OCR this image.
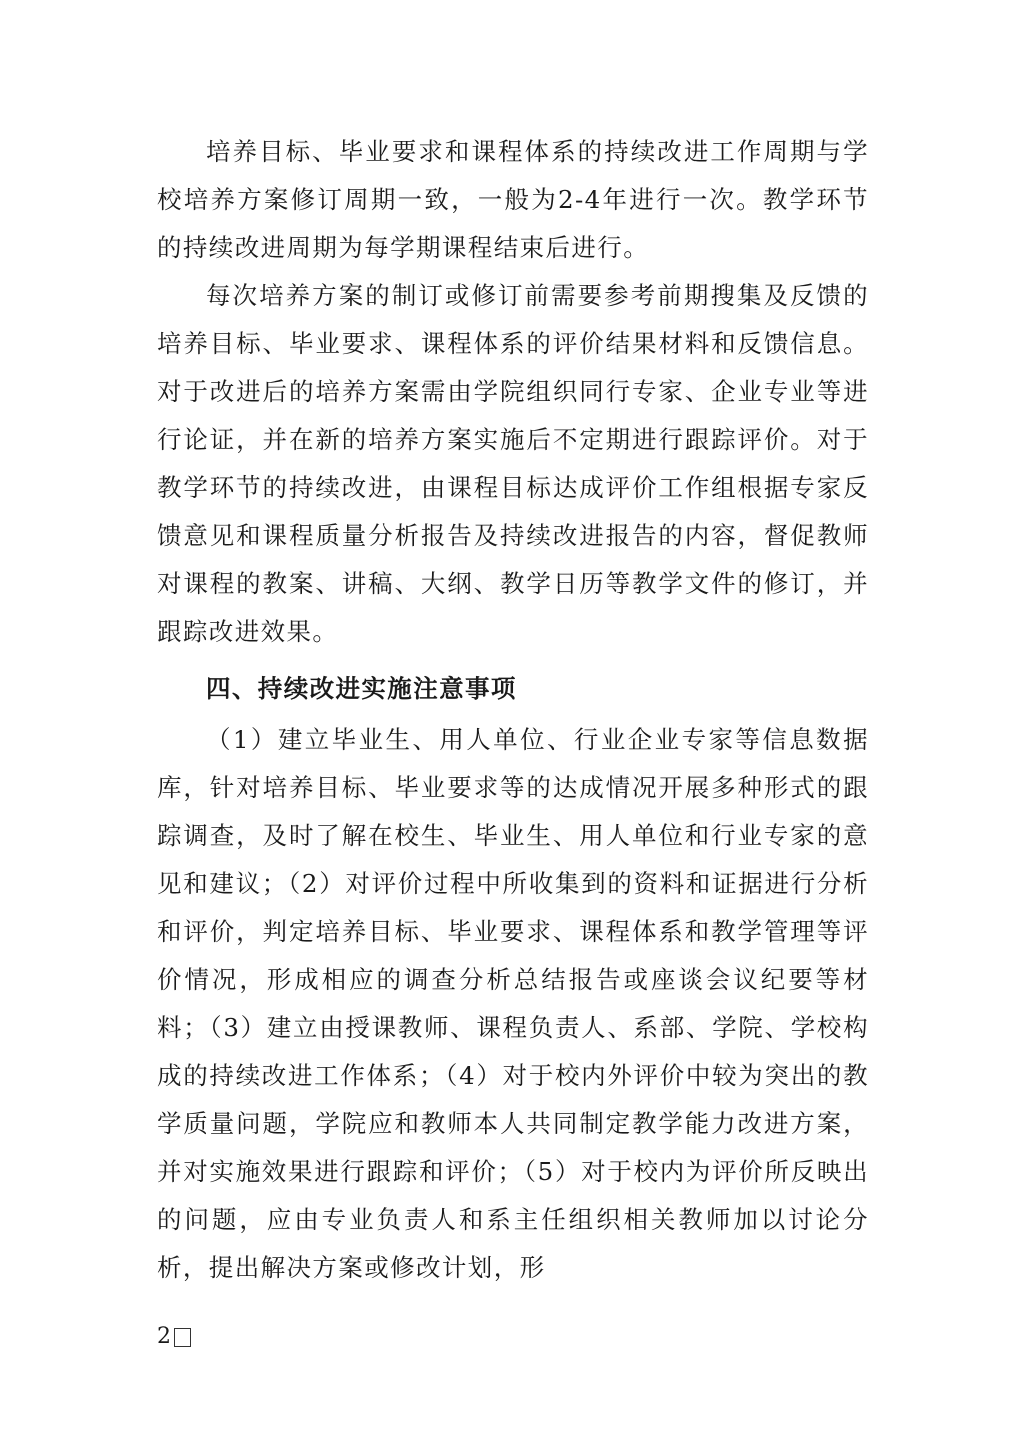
培养目标、毕业要求和课程体系的持续改进工作周期与学校培养方案修订周期一致，一般为2-4年进行一次。教学环节的持续改进周期为每学期课程结束后进行。

每次培养方案的制订或修订前需要参考前期搜集及反馈的培养目标、毕业要求、课程体系的评价结果材料和反馈信息。对于改进后的培养方案需由学院组织同行专家、企业专业等进行论证，并在新的培养方案实施后不定期进行跟踪评价。对于教学环节的持续改进，由课程目标达成评价工作组根据专家反馈意见和课程质量分析报告及持续改进报告的内容，督促教师对课程的教案、讲稿、大纲、教学日历等教学文件的修订，并跟踪改进效果。

四、持续改进实施注意事项

（1）建立毕业生、用人单位、行业企业专家等信息数据库，针对培养目标、毕业要求等的达成情况开展多种形式的跟踪调查，及时了解在校生、毕业生、用人单位和行业专家的意见和建议；（2）对评价过程中所收集到的资料和证据进行分析和评价，判定培养目标、毕业要求、课程体系和教学管理等评价情况，形成相应的调查分析总结报告或座谈会议纪要等材料；（3）建立由授课教师、课程负责人、系部、学院、学校构成的持续改进工作体系；（4）对于校内外评价中较为突出的教学质量问题，学院应和教师本人共同制定教学能力改进方案，并对实施效果进行跟踪和评价；（5）对于校内为评价所反映出的问题，应由专业负责人和系主任组织相关教师加以讨论分析，提出解决方案或修改计划，形

2
